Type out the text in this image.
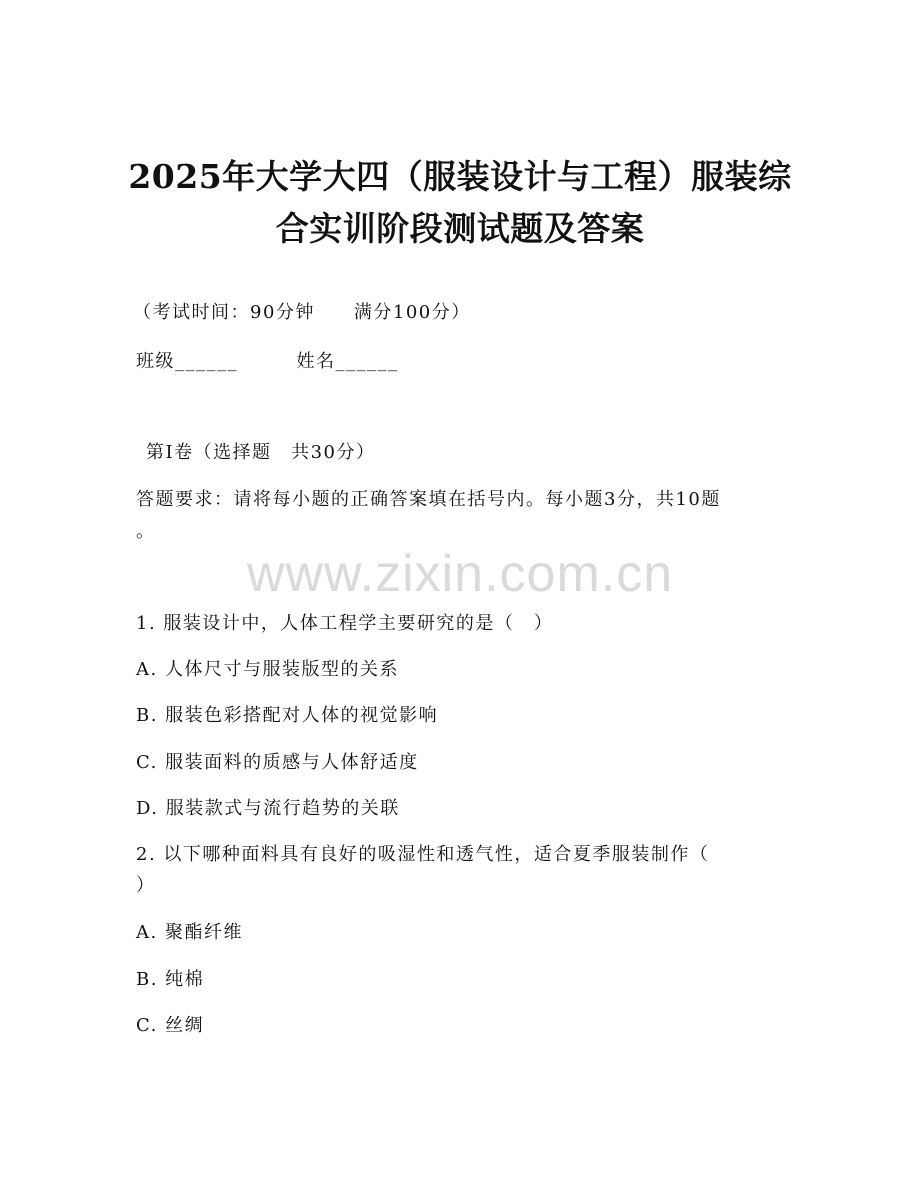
2025年大学大四（服装设计与工程）服装综
合实训阶段测试题及答案
（考试时间：90分钟　　满分100分）
班级______　　　姓名______
第I卷（选择题　共30分）
答题要求：请将每小题的正确答案填在括号内。每小题3分，共10题
。
www.zixin.com.cn
1. 服装设计中，人体工程学主要研究的是（　）
A. 人体尺寸与服装版型的关系
B. 服装色彩搭配对人体的视觉影响
C. 服装面料的质感与人体舒适度
D. 服装款式与流行趋势的关联
2. 以下哪种面料具有良好的吸湿性和透气性，适合夏季服装制作（
）
A. 聚酯纤维
B. 纯棉
C. 丝绸
